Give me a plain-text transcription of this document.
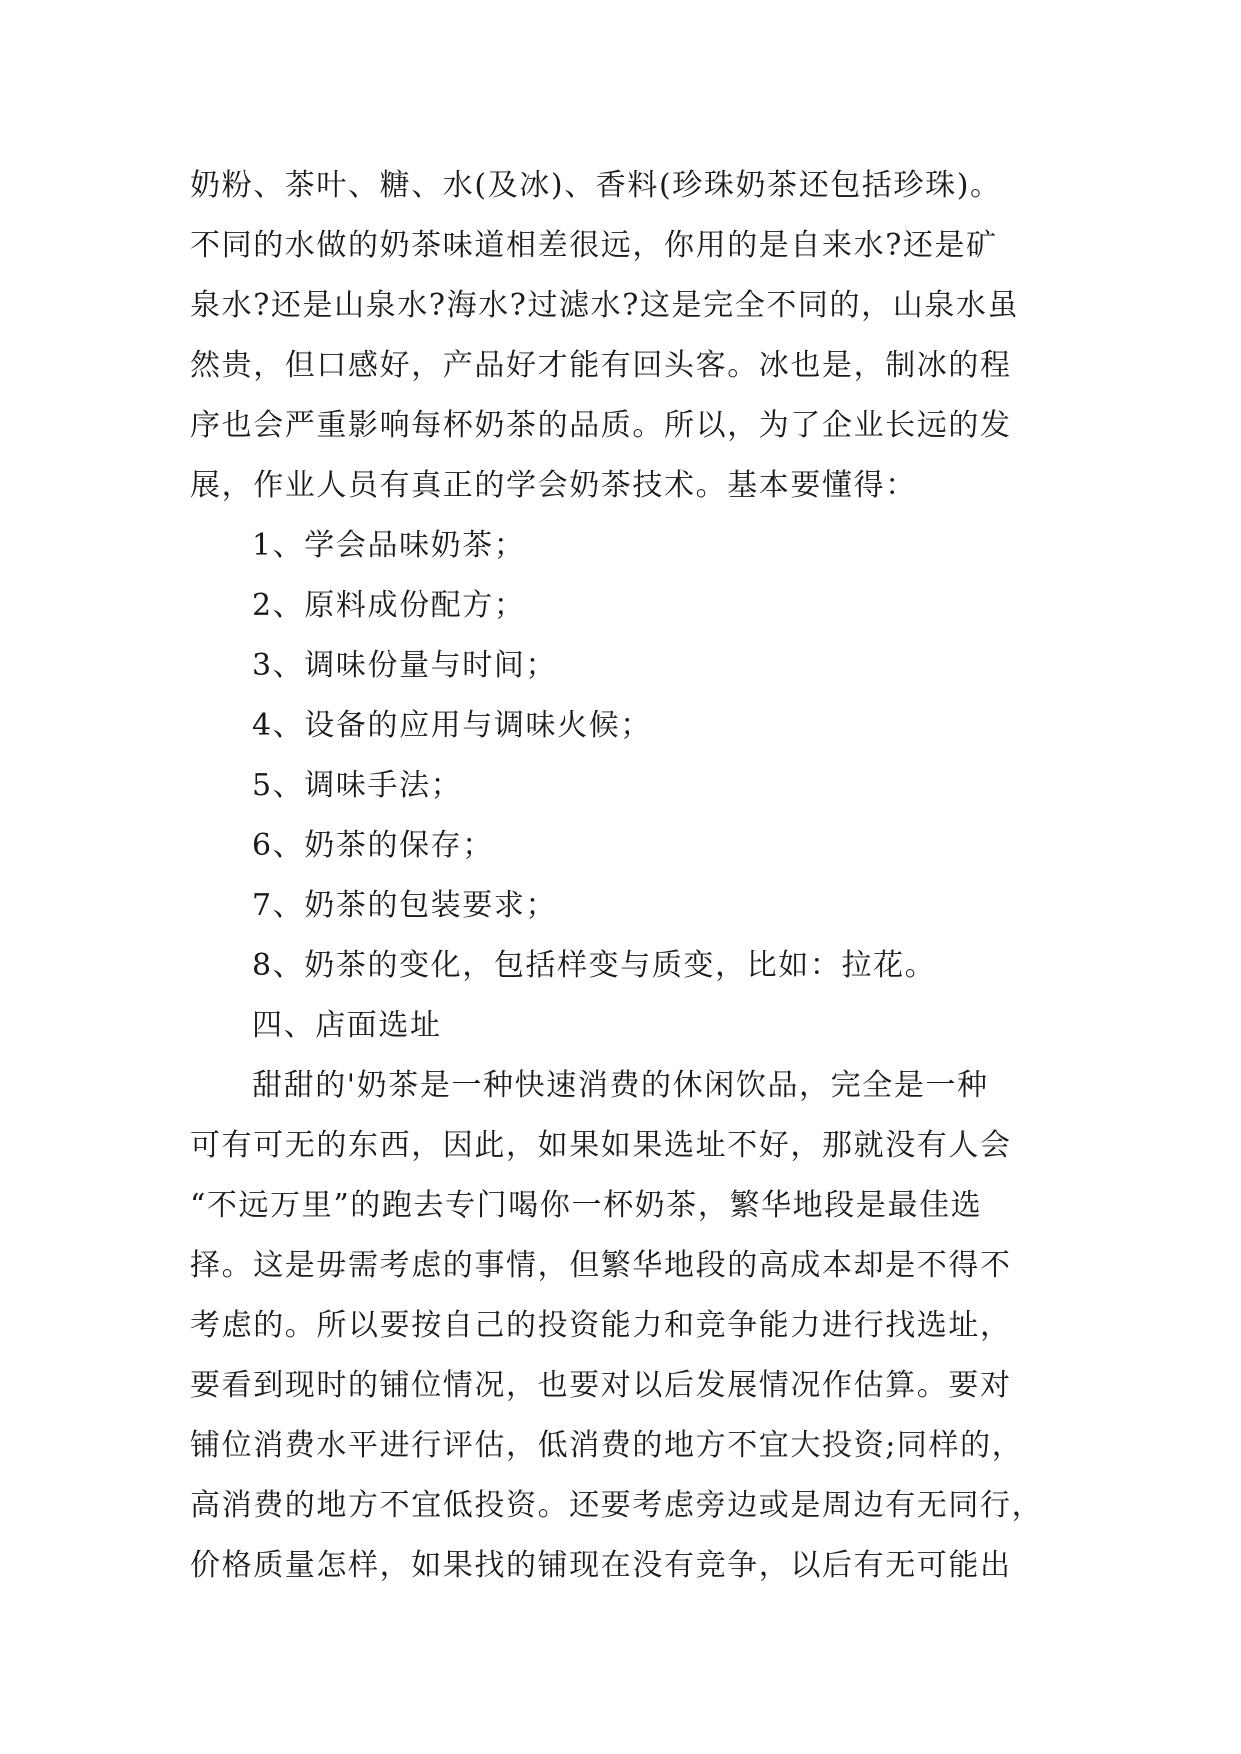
奶粉、茶叶、糖、水(及冰)、香料(珍珠奶茶还包括珍珠)。
不同的水做的奶茶味道相差很远，你用的是自来水?还是矿
泉水?还是山泉水?海水?过滤水?这是完全不同的，山泉水虽
然贵，但口感好，产品好才能有回头客。冰也是，制冰的程
序也会严重影响每杯奶茶的品质。所以，为了企业长远的发
展，作业人员有真正的学会奶茶技术。基本要懂得：
1、学会品味奶茶；
2、原料成份配方；
3、调味份量与时间；
4、设备的应用与调味火候；
5、调味手法；
6、奶茶的保存；
7、奶茶的包装要求；
8、奶茶的变化，包括样变与质变，比如：拉花。
四、店面选址
甜甜的'奶茶是一种快速消费的休闲饮品，完全是一种
可有可无的东西，因此，如果如果选址不好，那就没有人会
“不远万里”的跑去专门喝你一杯奶茶，繁华地段是最佳选
择。这是毋需考虑的事情，但繁华地段的高成本却是不得不
考虑的。所以要按自己的投资能力和竞争能力进行找选址，
要看到现时的铺位情况，也要对以后发展情况作估算。要对
铺位消费水平进行评估，低消费的地方不宜大投资;同样的，
高消费的地方不宜低投资。还要考虑旁边或是周边有无同行，
价格质量怎样，如果找的铺现在没有竞争，以后有无可能出
